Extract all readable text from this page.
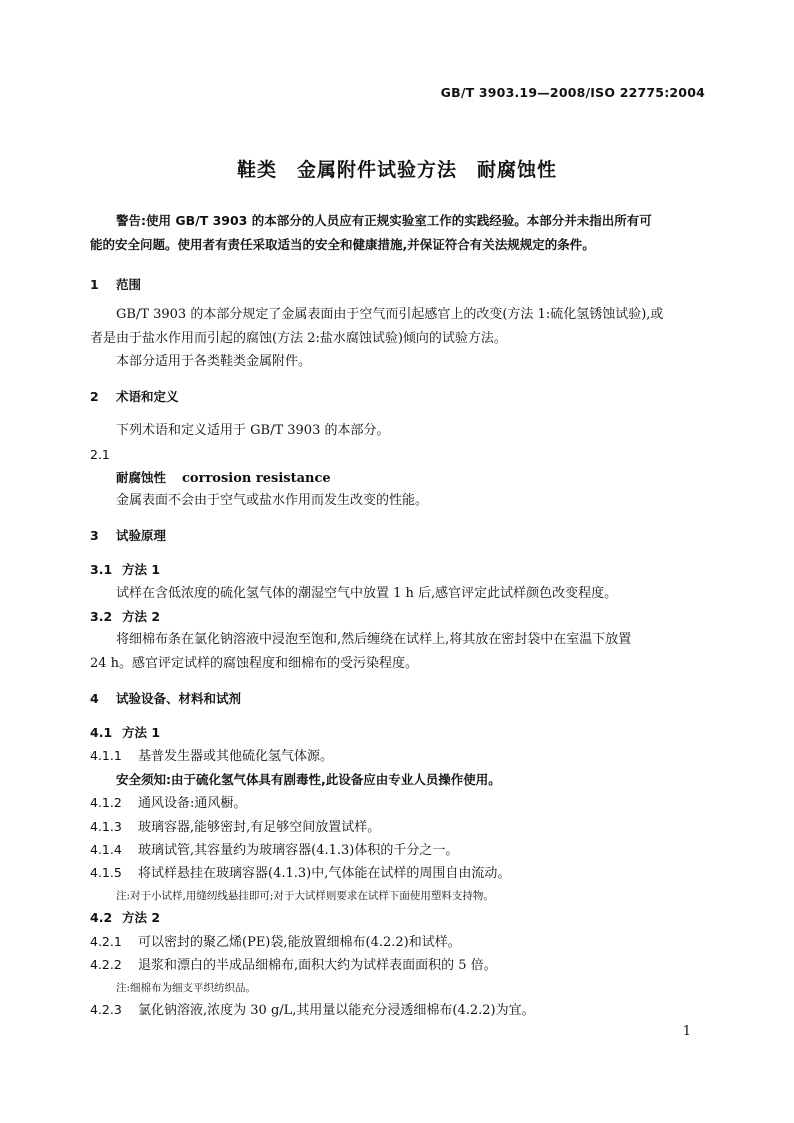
GB/T 3903.19—2008/ISO 22775:2004
鞋类　金属附件试验方法　耐腐蚀性
警告:使用 GB/T 3903 的本部分的人员应有正规实验室工作的实践经验。本部分并未指出所有可
能的安全问题。使用者有责任采取适当的安全和健康措施,并保证符合有关法规规定的条件。
1 范围
GB/T 3903 的本部分规定了金属表面由于空气而引起感官上的改变(方法 1:硫化氢锈蚀试验),或
者是由于盐水作用而引起的腐蚀(方法 2:盐水腐蚀试验)倾向的试验方法。
本部分适用于各类鞋类金属附件。
2 术语和定义
下列术语和定义适用于 GB/T 3903 的本部分。
2.1
耐腐蚀性 corrosion resistance
金属表面不会由于空气或盐水作用而发生改变的性能。
3 试验原理
3.1 方法 1
试样在含低浓度的硫化氢气体的潮湿空气中放置 1 h 后,感官评定此试样颜色改变程度。
3.2 方法 2
将细棉布条在氯化钠溶液中浸泡至饱和,然后缠绕在试样上,将其放在密封袋中在室温下放置
24 h。感官评定试样的腐蚀程度和细棉布的受污染程度。
4 试验设备、材料和试剂
4.1 方法 1
4.1.1 基普发生器或其他硫化氢气体源。
安全须知:由于硫化氢气体具有剧毒性,此设备应由专业人员操作使用。
4.1.2 通风设备:通风橱。
4.1.3 玻璃容器,能够密封,有足够空间放置试样。
4.1.4 玻璃试管,其容量约为玻璃容器(4.1.3)体积的千分之一。
4.1.5 将试样悬挂在玻璃容器(4.1.3)中,气体能在试样的周围自由流动。
注:对于小试样,用缝纫线悬挂即可;对于大试样则要求在试样下面使用塑料支持物。
4.2 方法 2
4.2.1 可以密封的聚乙烯(PE)袋,能放置细棉布(4.2.2)和试样。
4.2.2 退浆和漂白的半成品细棉布,面积大约为试样表面面积的 5 倍。
注:细棉布为细支平织纺织品。
4.2.3 氯化钠溶液,浓度为 30 g/L,其用量以能充分浸透细棉布(4.2.2)为宜。
1
